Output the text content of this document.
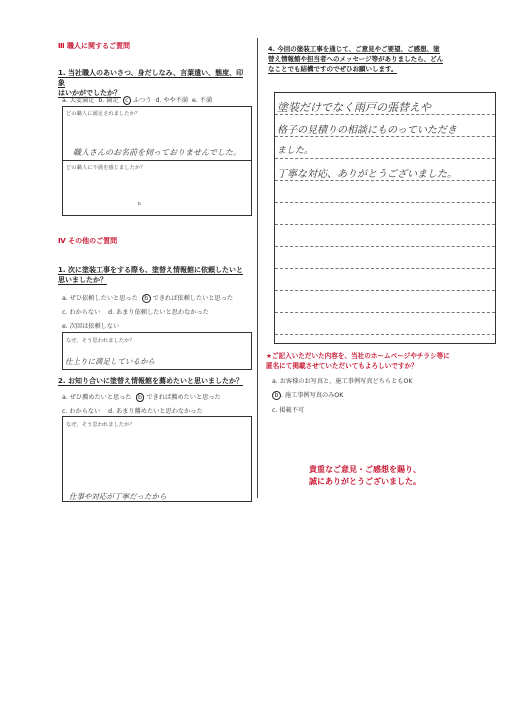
Ⅲ 職人に関するご質問
1. 当社職人のあいさつ、身だしなみ、言葉遣い、態度、印象
はいかがでしたか？
a. 大変満足 b. 満足 c ふつう d. やや不満 e. 不満
どの職人に満足されましたか？
職人さんのお名前を伺っておりませんでした。
どの職人に不満を感じましたか？
b
Ⅳ その他のご質問
1. 次に塗装工事をする際も、塗替え情報館に依頼したいと
思いましたか？
a. ぜひ依頼したいと思った b できれば依頼したいと思った
c. わからない d. あまり依頼したいと思わなかった
e. 次回は依頼しない
なぜ、そう思われましたか？
仕上りに満足しているから
2. お知り合いに塗替え情報館を薦めたいと思いましたか？
a. ぜひ薦めたいと思った b できれば薦めたいと思った
c. わからない d. あまり薦めたいと思わなかった
なぜ、そう思われましたか？
仕事や対応が丁寧だったから
4. 今回の塗装工事を通じて、ご意見やご要望、ご感想、塗
替え情報館や担当者へのメッセージ等がありましたら、どん
なことでも結構ですのでぜひお願いします。
塗装だけでなく雨戸の張替えや
格子の見積りの相談にものっていただき
ました。
丁寧な対応、ありがとうございました。
★ご記入いただいた内容を、当社のホームページやチラシ等に
匿名にて掲載させていただいてもよろしいですか？
a. お客様のお写真と、施工事例写真どちらともOK
b . 施工事例写真のみOK
c. 掲載不可
貴重なご意見・ご感想を賜り、
誠にありがとうございました。
